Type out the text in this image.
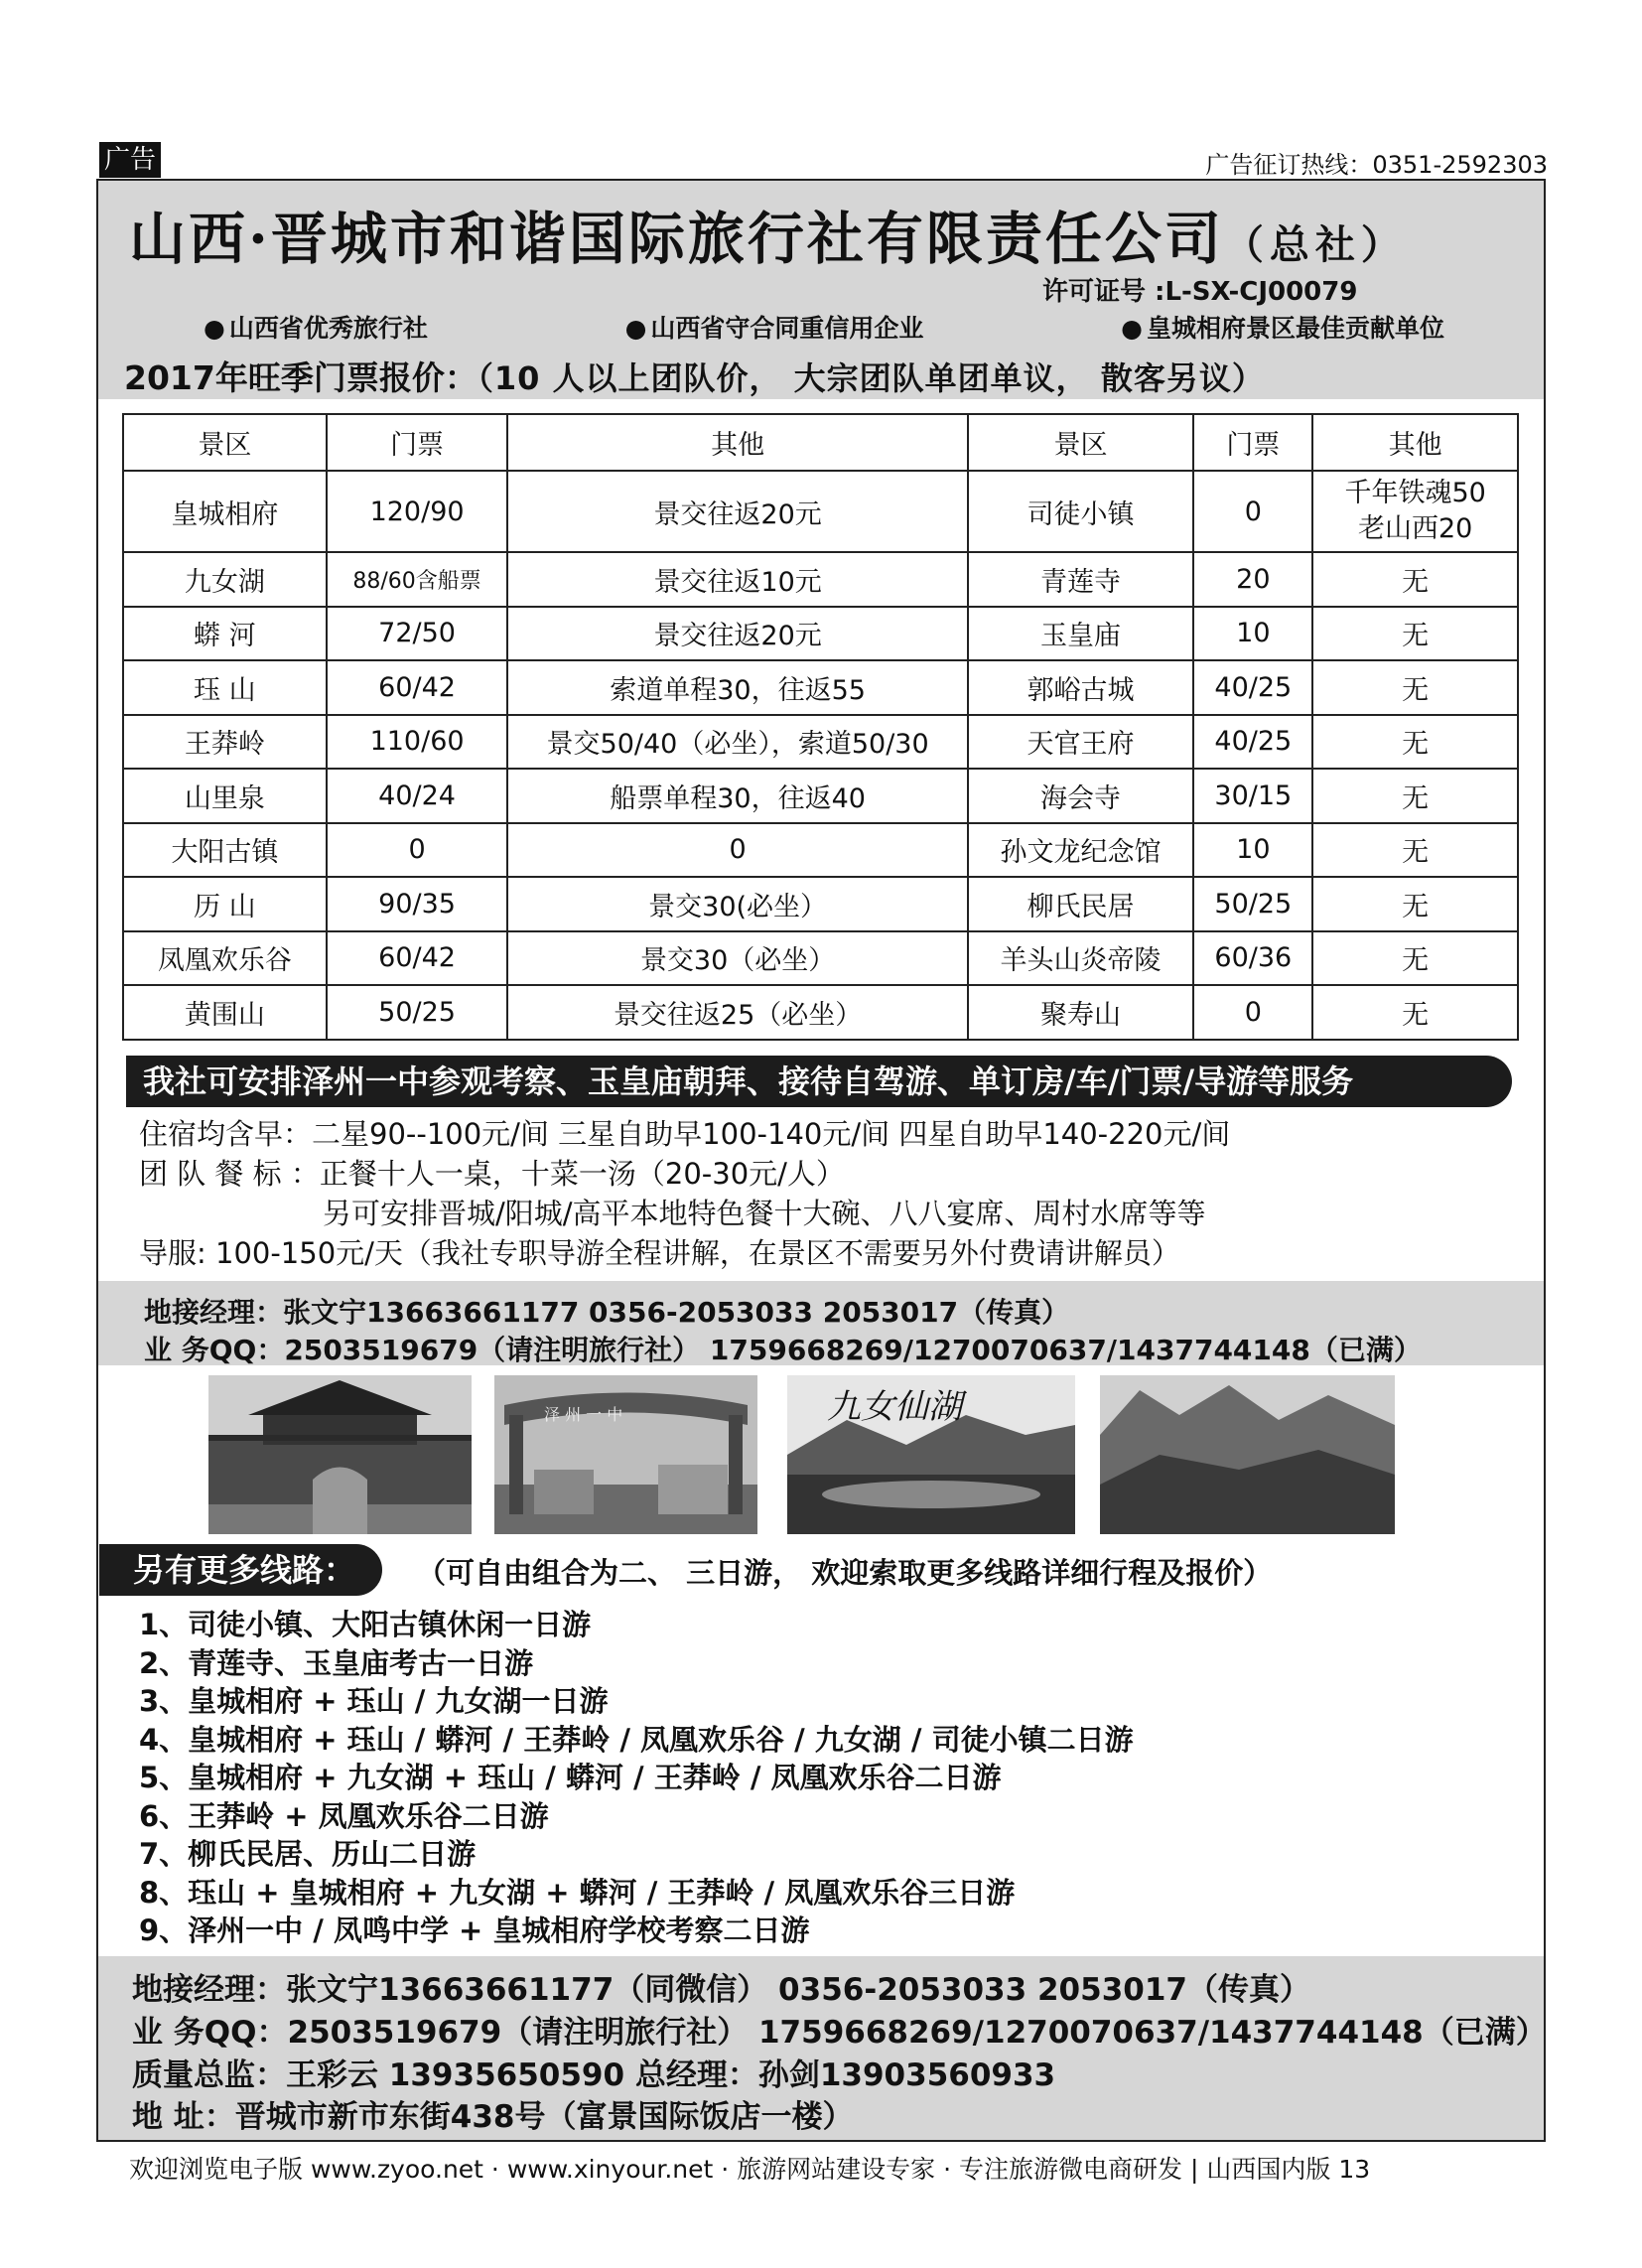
广告	广告征订热线：0351-2592303
山西·晋城市和谐国际旅行社有限责任公司（总社）
许可证号 :L-SX-CJ00079
● 山西省优秀旅行社	● 山西省守合同重信用企业	● 皇城相府景区最佳贡献单位
2017年旺季门票报价：（10 人以上团队价， 大宗团队单团单议， 散客另议）
景区	门票	其他	景区	门票	其他
皇城相府	120/90	景交往返20元	司徒小镇	0	千年铁魂50
老山西20
九女湖	88/60含船票	景交往返10元	青莲寺	20	无
蟒 河	72/50	景交往返20元	玉皇庙	10	无
珏 山	60/42	索道单程30，往返55	郭峪古城	40/25	无
王莽岭	110/60	景交50/40（必坐），索道50/30	天官王府	40/25	无
山里泉	40/24	船票单程30，往返40	海会寺	30/15	无
大阳古镇	0	0	孙文龙纪念馆	10	无
历 山	90/35	景交30(必坐）	柳氏民居	50/25	无
凤凰欢乐谷	60/42	景交30（必坐）	羊头山炎帝陵	60/36	无
黄围山	50/25	景交往返25（必坐）	聚寿山	0	无
我社可安排泽州一中参观考察、玉皇庙朝拜、接待自驾游、单订房/车/门票/导游等服务
住宿均含早：二星90--100元/间 三星自助早100-140元/间 四星自助早140-220元/间
团 队 餐 标 ：正餐十人一桌，十菜一汤（20-30元/人）
另可安排晋城/阳城/高平本地特色餐十大碗、八八宴席、周村水席等等
导服: 100-150元/天（我社专职导游全程讲解，在景区不需要另外付费请讲解员）
地接经理：张文宁13663661177 0356-2053033 2053017（传真）
业 务QQ：2503519679（请注明旅行社） 1759668269/1270070637/1437744148（已满）
泽 州 一 中	九女仙湖
另有更多线路：	（可自由组合为二、 三日游， 欢迎索取更多线路详细行程及报价）
1、司徒小镇、大阳古镇休闲一日游
2、青莲寺、玉皇庙考古一日游
3、皇城相府 + 珏山 / 九女湖一日游
4、皇城相府 + 珏山 / 蟒河 / 王莽岭 / 凤凰欢乐谷 / 九女湖 / 司徒小镇二日游
5、皇城相府 + 九女湖 + 珏山 / 蟒河 / 王莽岭 / 凤凰欢乐谷二日游
6、王莽岭 + 凤凰欢乐谷二日游
7、柳氏民居、历山二日游
8、珏山 + 皇城相府 + 九女湖 + 蟒河 / 王莽岭 / 凤凰欢乐谷三日游
9、泽州一中 / 凤鸣中学 + 皇城相府学校考察二日游
地接经理：张文宁13663661177（同微信） 0356-2053033 2053017（传真）
业 务QQ：2503519679（请注明旅行社） 1759668269/1270070637/1437744148（已满）
质量总监：王彩云 13935650590 总经理：孙剑13903560933
地 址：晋城市新市东街438号（富景国际饭店一楼）
欢迎浏览电子版 www.zyoo.net · www.xinyour.net · 旅游网站建设专家 · 专注旅游微电商研发 | 山西国内版 13
